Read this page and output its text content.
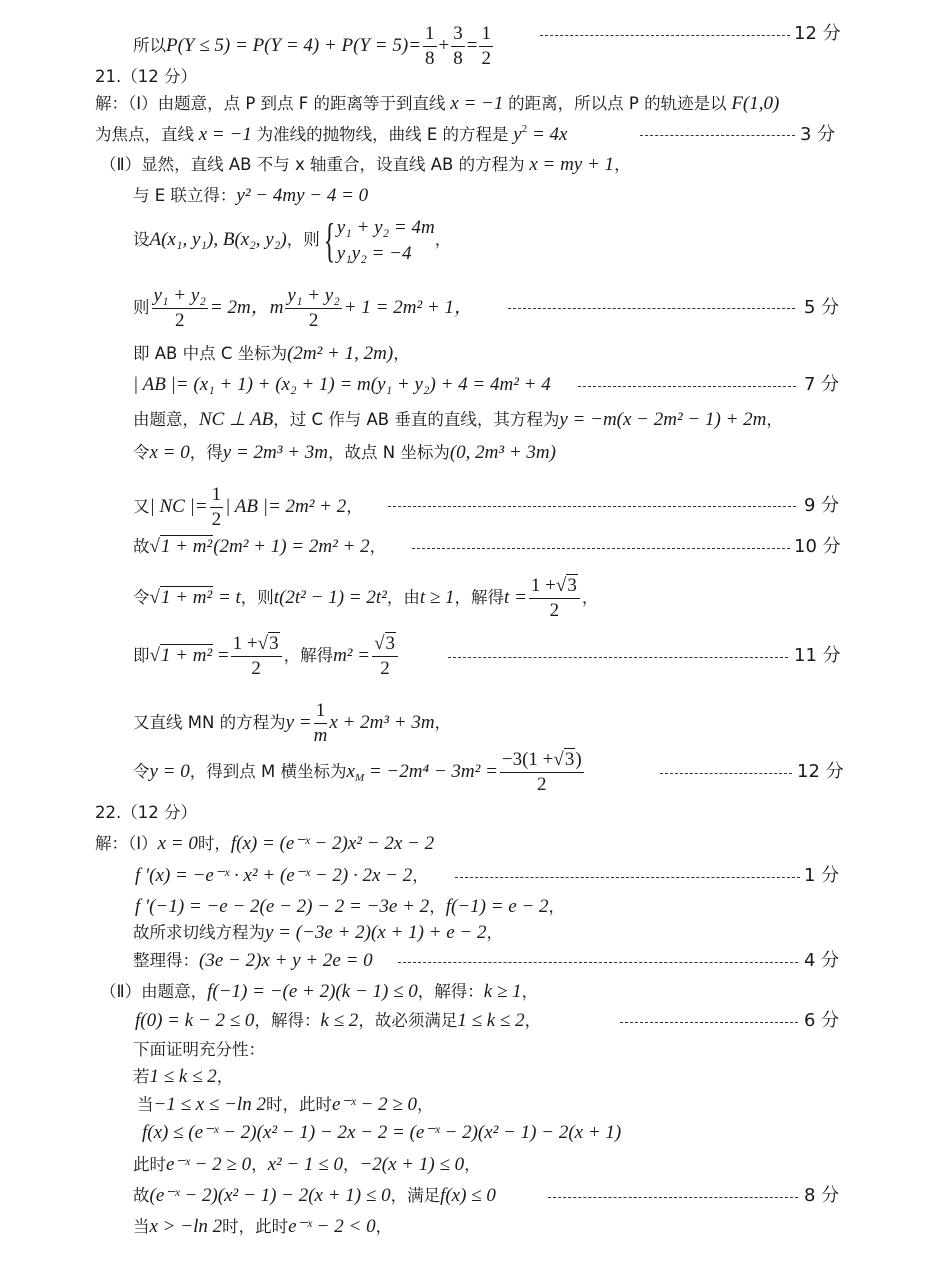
所以$P(Y \le 5) = P(Y = 4) + P(Y = 5)= \frac{1}{8} + \frac{3}{8} = \frac{1}{2}$	12 分
21.（12 分）
解：（Ⅰ）由题意，点 P 到点 F 的距离等于到直线 x = −1 的距离，所以点 P 的轨迹是以 F(1,0)
为焦点，直线 x = −1 为准线的抛物线，曲线 E 的方程是 $y^2 = 4x$	3 分
（Ⅱ）显然，直线 AB 不与 x 轴重合，设直线 AB 的方程为 x = my + 1，
与 E 联立得：y² − 4my − 4 = 0
设A(x₁, y₁), B(x₂, y₂)，则{ y₁ + y₂ = 4m
y₁y₂ = −4
，
则 $\frac{\text{y₁ + y₂}}{2} = 2m$，m $\frac{\text{y₁ + y₂}}{2} + 1 = 2m^2 + 1$，	5 分
即 AB 中点 C 坐标为(2m² + 1, 2m)，
| AB |= (x₁ + 1) + (x₂ + 1) = m(y₁ + y₂) + 4 = 4m² + 4	7 分
由题意，NC ⊥ AB，过 C 作与 AB 垂直的直线，其方程为y = −m(x − 2m² − 1) + 2m，
令x = 0，得y = 2m³ + 3m，故点 N 坐标为(0, 2m³ + 3m)
又| NC |= $\frac{1}{2}$ | AB |= 2m² + 2，	9 分
故√1 + m²(2m² + 1) = 2m² + 2，	10 分
令√1 + m² = t，则t(2t² − 1) = 2t²，由t ≥ 1，解得$t = \frac{1 +√3}{2}$ ，
即$√1 + m^2 = \frac{1 +√3}{2}$ ，解得$m^2 = \frac{√3}{2}$	11 分
又直线 MN 的方程为$y = \frac{1}{m}$ x + 2m³ + 3m，
令y = 0，得到点 M 横坐标为$x_M = -2m^4 - 3m^2 = \frac{-3(1 +√3)}{2}$	12 分
22.（12 分）
解：（Ⅰ）x = 0时，f(x) = (e⁻ˣ − 2)x² − 2x − 2
f ′(x) = −e⁻ˣ · x² + (e⁻ˣ − 2) · 2x − 2，	1 分
f ′(−1) = −e − 2(e − 2) − 2 = −3e + 2，f(−1) = e − 2，
故所求切线方程为y = (−3e + 2)(x + 1) + e − 2，
整理得：(3e − 2)x + y + 2e = 0	4 分
（Ⅱ）由题意，f(−1) = −(e + 2)(k − 1) ≤ 0，解得：k ≥ 1，
f(0) = k − 2 ≤ 0，解得：k ≤ 2，故必须满足1 ≤ k ≤ 2，	6 分
下面证明充分性：
若1 ≤ k ≤ 2，
当−1 ≤ x ≤ −ln 2时，此时e⁻ˣ − 2 ≥ 0，
f(x) ≤ (e⁻ˣ − 2)(x² − 1) − 2x − 2 = (e⁻ˣ − 2)(x² − 1) − 2(x + 1)
此时e⁻ˣ − 2 ≥ 0，x² − 1 ≤ 0，−2(x + 1) ≤ 0，
故(e⁻ˣ − 2)(x² − 1) − 2(x + 1) ≤ 0，满足f(x) ≤ 0	8 分
当x > −ln 2时，此时e⁻ˣ − 2 < 0，
